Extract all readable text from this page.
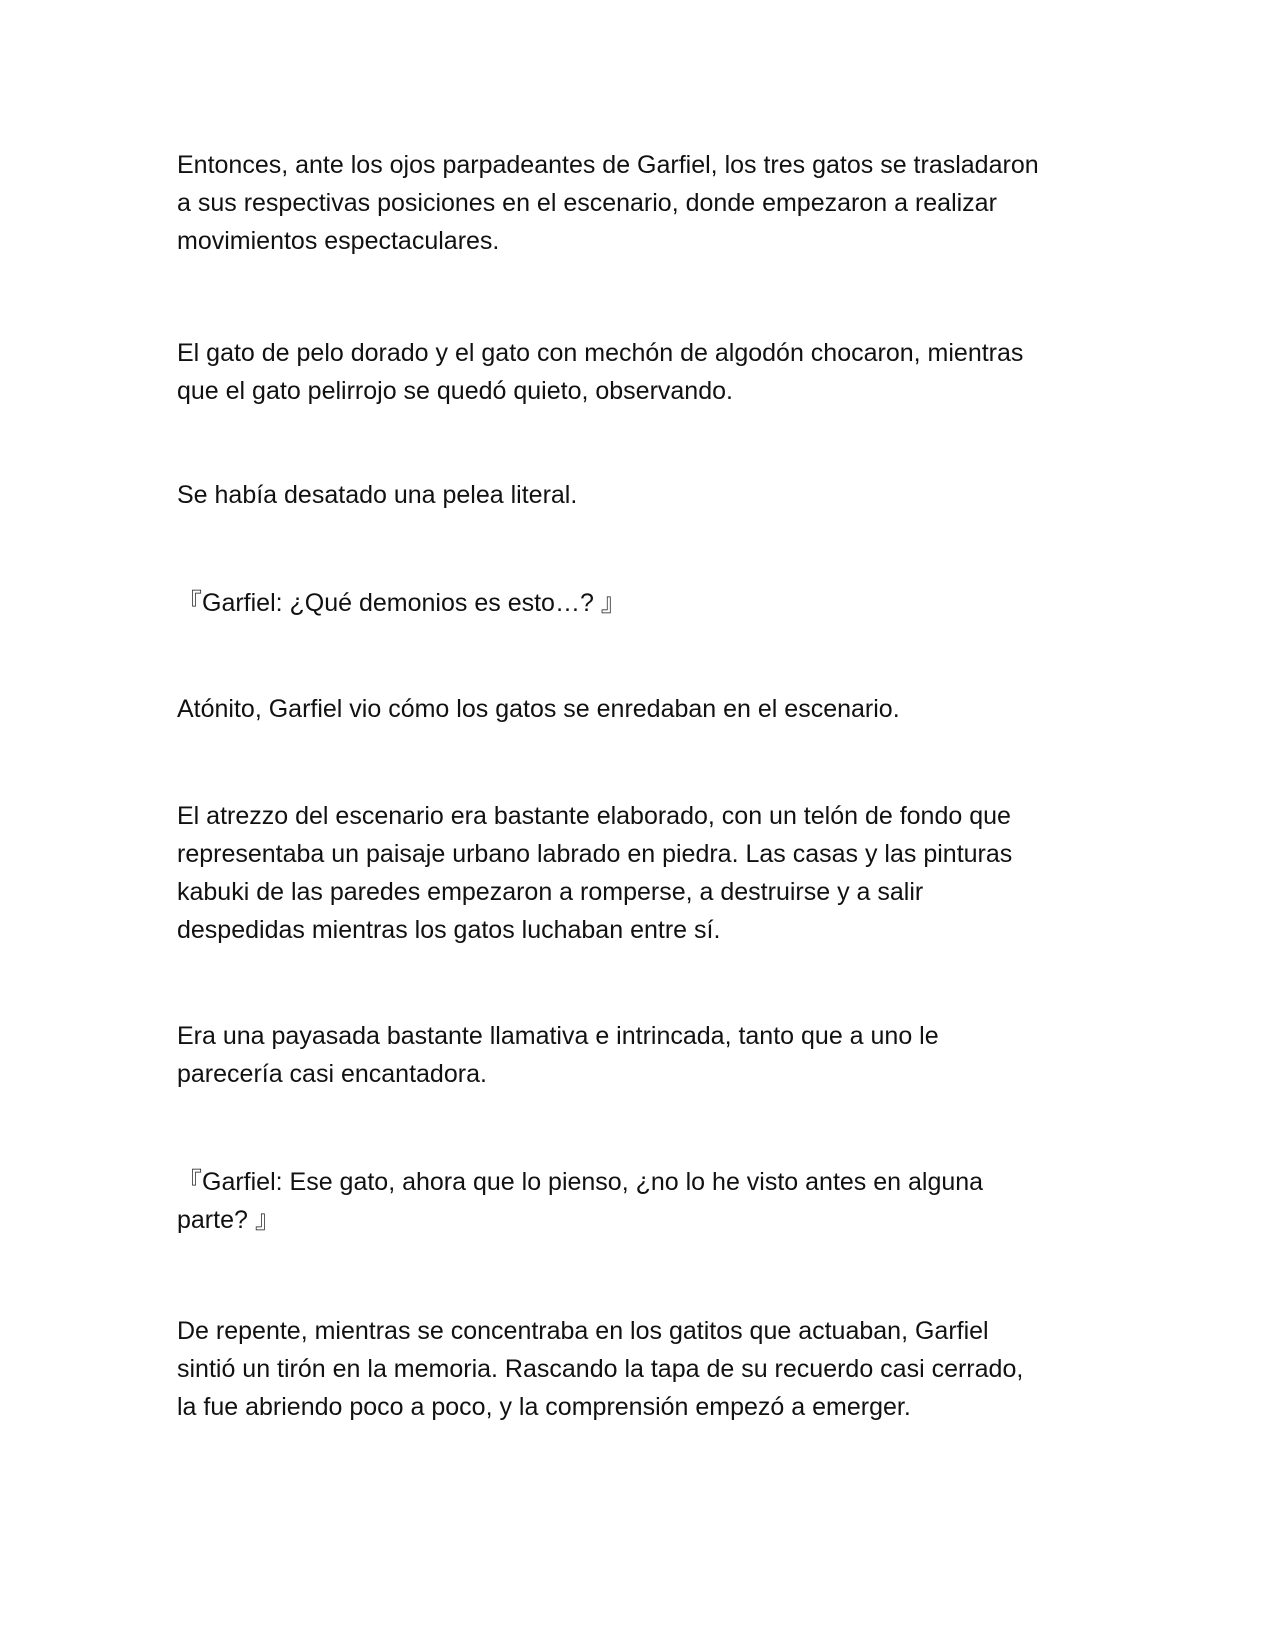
Entonces, ante los ojos parpadeantes de Garfiel, los tres gatos se trasladaron
a sus respectivas posiciones en el escenario, donde empezaron a realizar
movimientos espectaculares.

El gato de pelo dorado y el gato con mechón de algodón chocaron, mientras
que el gato pelirrojo se quedó quieto, observando.

Se había desatado una pelea literal.

『Garfiel: ¿Qué demonios es esto…? 』

Atónito, Garfiel vio cómo los gatos se enredaban en el escenario.

El atrezzo del escenario era bastante elaborado, con un telón de fondo que
representaba un paisaje urbano labrado en piedra. Las casas y las pinturas
kabuki de las paredes empezaron a romperse, a destruirse y a salir
despedidas mientras los gatos luchaban entre sí.

Era una payasada bastante llamativa e intrincada, tanto que a uno le
parecería casi encantadora.

『Garfiel: Ese gato, ahora que lo pienso, ¿no lo he visto antes en alguna
parte? 』

De repente, mientras se concentraba en los gatitos que actuaban, Garfiel
sintió un tirón en la memoria. Rascando la tapa de su recuerdo casi cerrado,
la fue abriendo poco a poco, y la comprensión empezó a emerger.
